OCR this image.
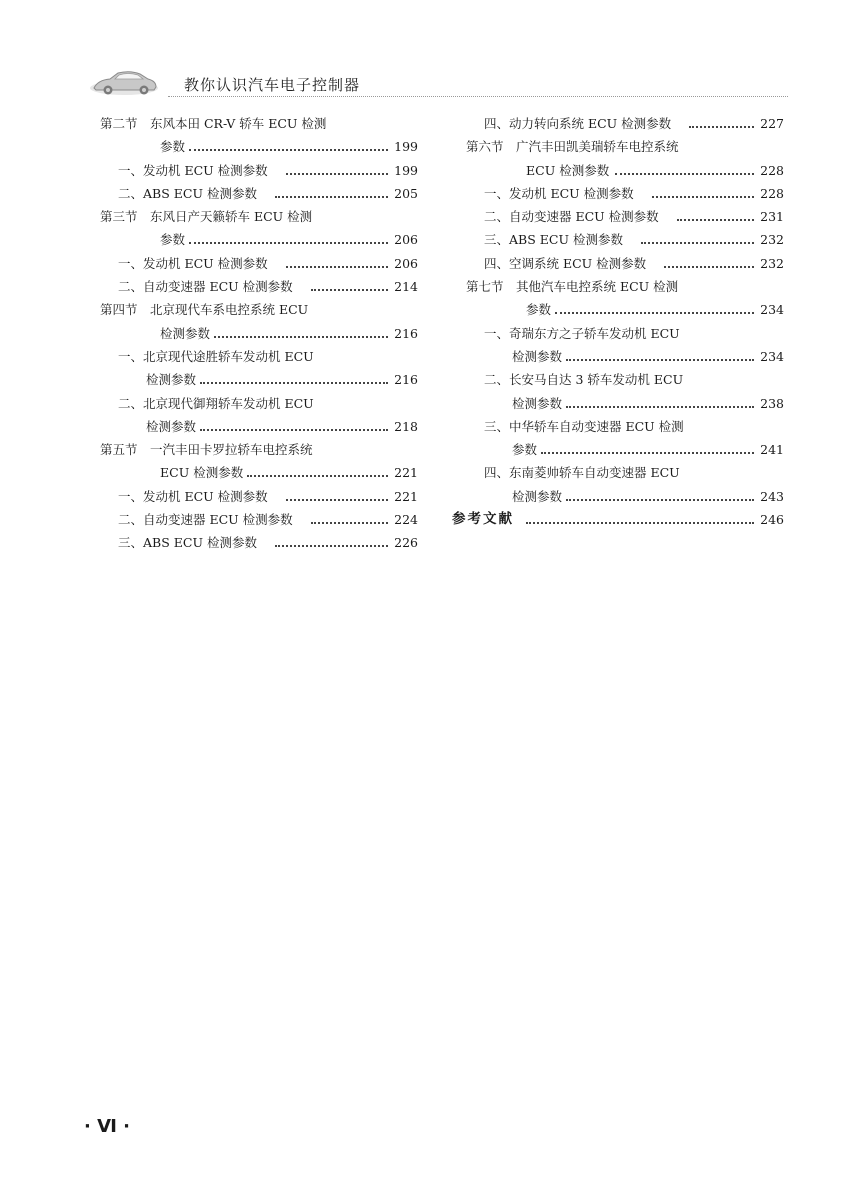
教你认识汽车电子控制器
第二节　东风本田 CR-V 轿车 ECU 检测
参数	199
一、发动机 ECU 检测参数	199
二、ABS ECU 检测参数	205
第三节　东风日产天籁轿车 ECU 检测
参数	206
一、发动机 ECU 检测参数	206
二、自动变速器 ECU 检测参数	214
第四节　北京现代车系电控系统 ECU
检测参数	216
一、北京现代途胜轿车发动机 ECU
检测参数	216
二、北京现代御翔轿车发动机 ECU
检测参数	218
第五节　一汽丰田卡罗拉轿车电控系统
ECU 检测参数	221
一、发动机 ECU 检测参数	221
二、自动变速器 ECU 检测参数	224
三、ABS ECU 检测参数	226
四、动力转向系统 ECU 检测参数	227
第六节　广汽丰田凯美瑞轿车电控系统
ECU 检测参数	228
一、发动机 ECU 检测参数	228
二、自动变速器 ECU 检测参数	231
三、ABS ECU 检测参数	232
四、空调系统 ECU 检测参数	232
第七节　其他汽车电控系统 ECU 检测
参数	234
一、奇瑞东方之子轿车发动机 ECU
检测参数	234
二、长安马自达 3 轿车发动机 ECU
检测参数	238
三、中华轿车自动变速器 ECU 检测
参数	241
四、东南菱帅轿车自动变速器 ECU
检测参数	243
参考文献	246
· Ⅵ ·
